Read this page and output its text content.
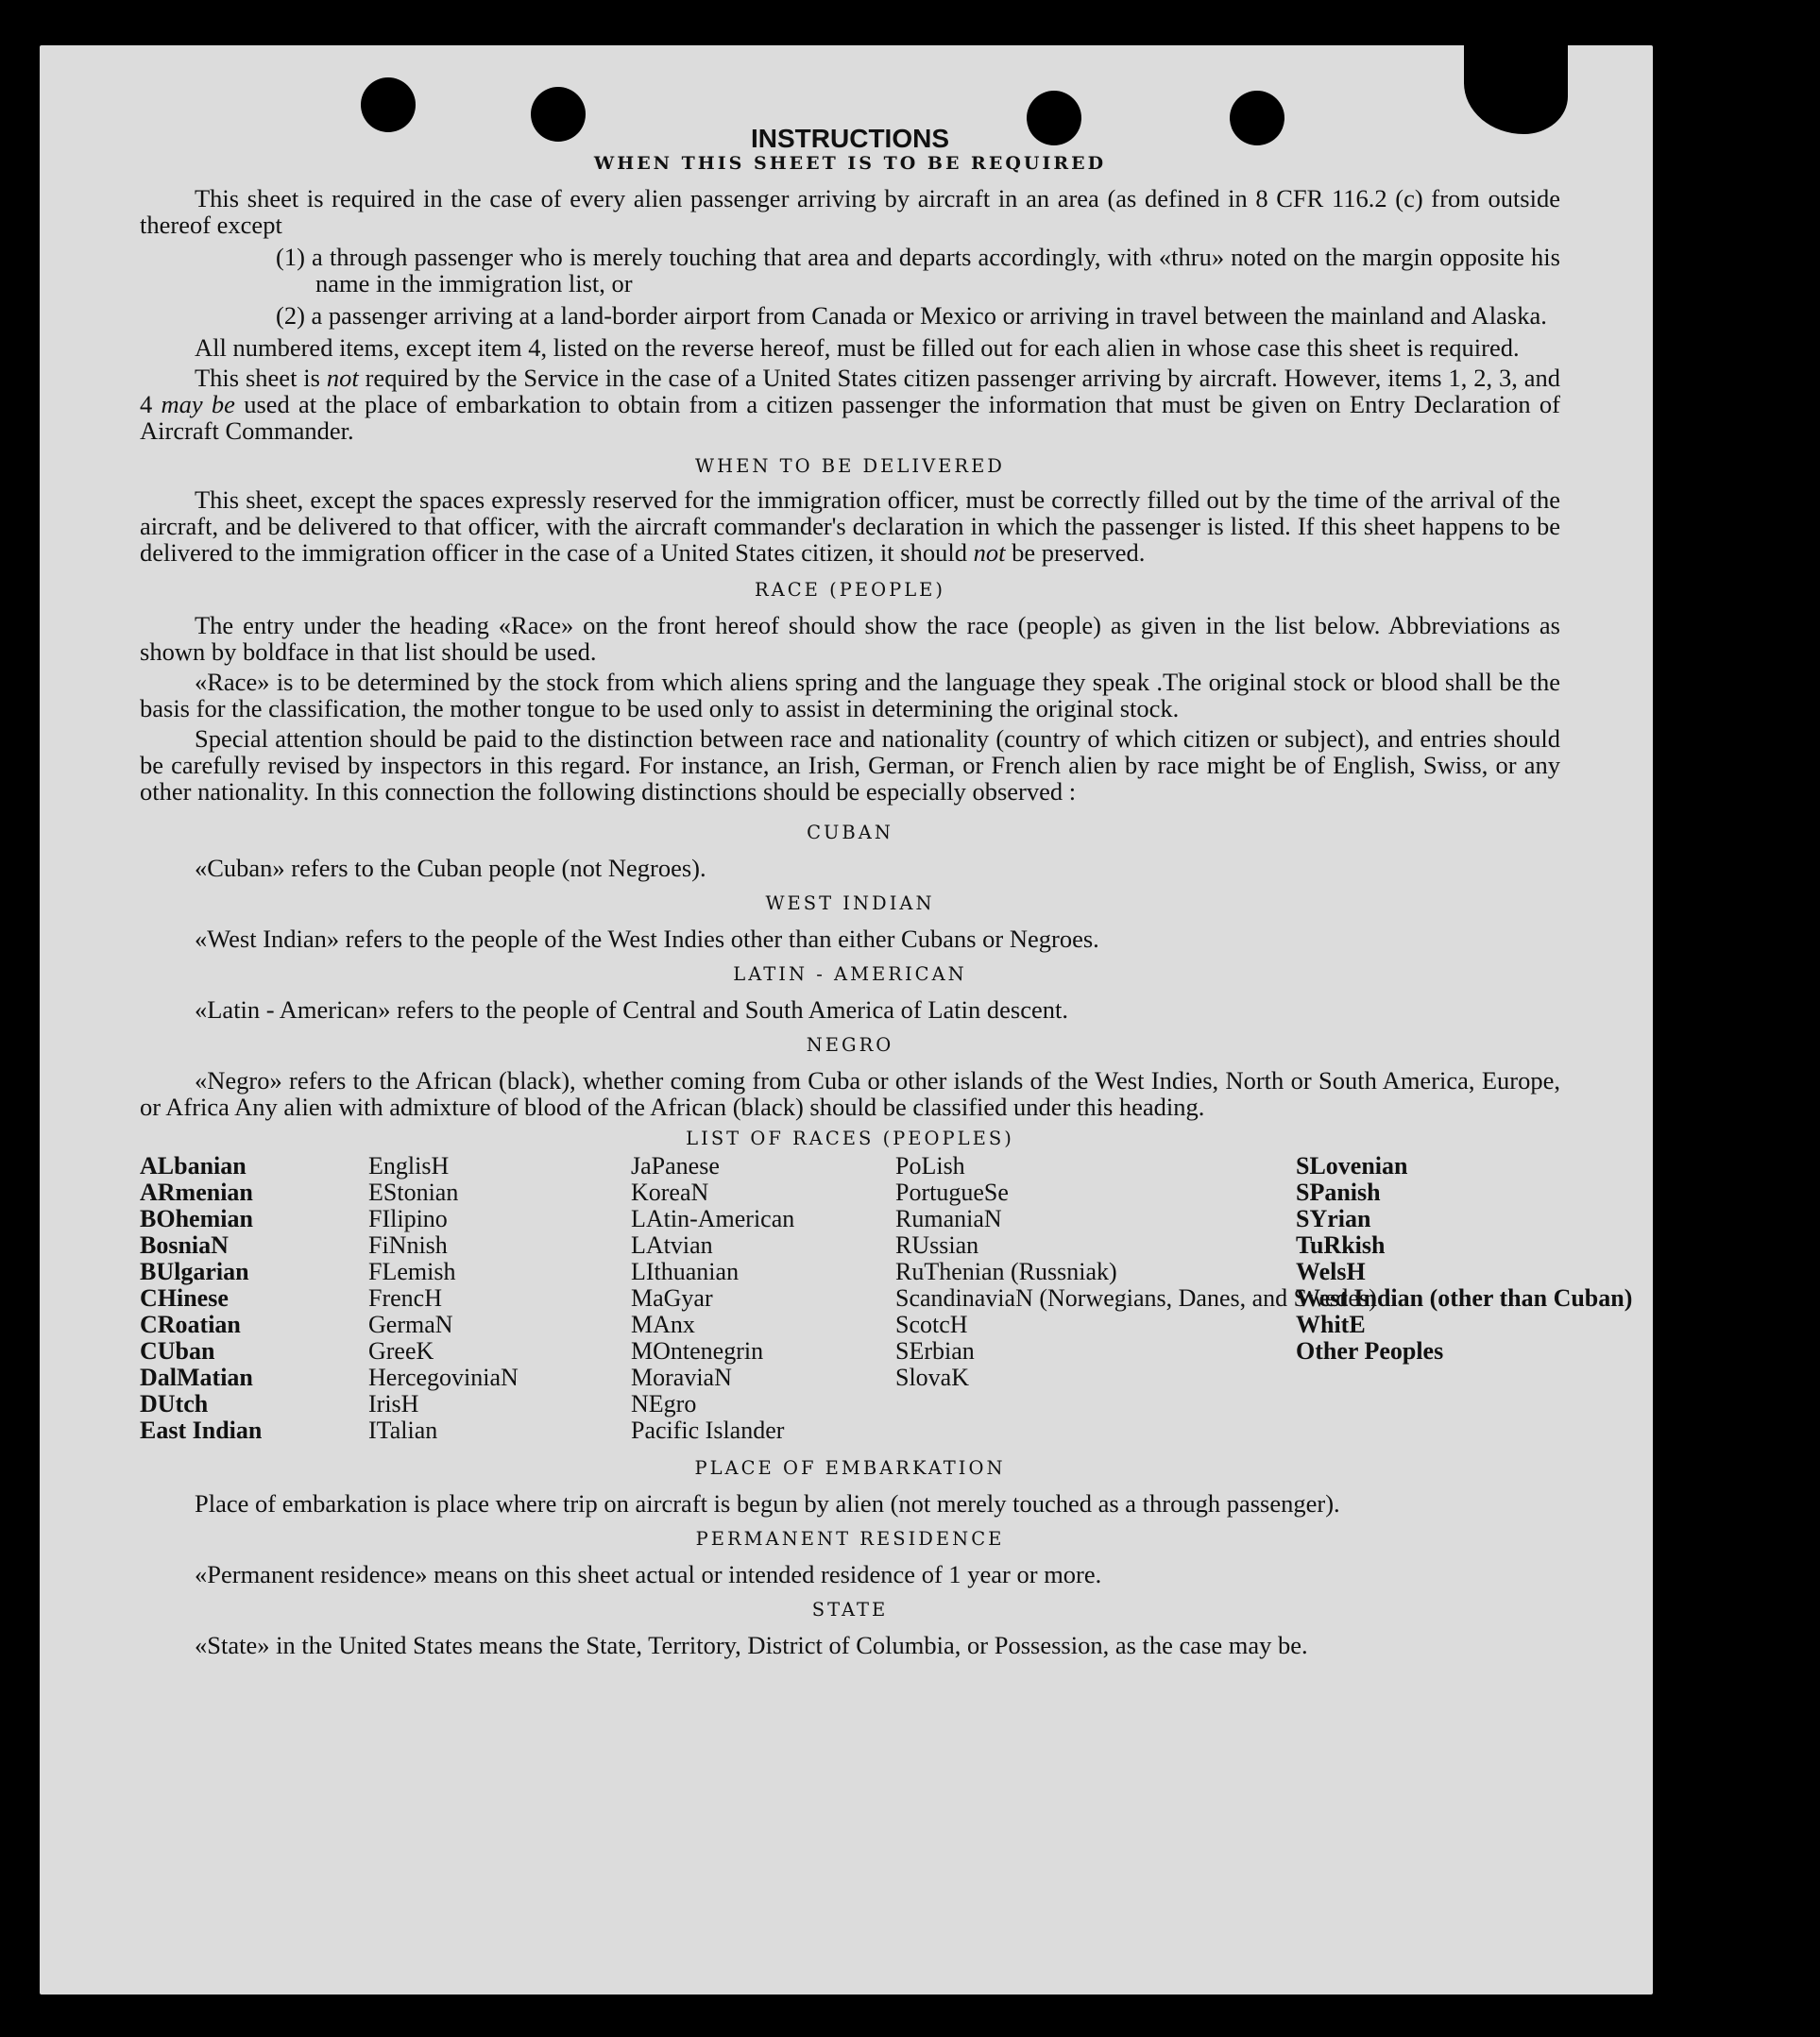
INSTRUCTIONS
WHEN THIS SHEET IS TO BE REQUIRED

This sheet is required in the case of every alien passenger arriving by aircraft in an area (as defined in 8 CFR 116.2 (c) from outside thereof except

(1) a through passenger who is merely touching that area and departs accordingly, with «thru» noted on the margin opposite his name in the immigration list, or

(2) a passenger arriving at a land-border airport from Canada or Mexico or arriving in travel between the mainland and Alaska.

All numbered items, except item 4, listed on the reverse hereof, must be filled out for each alien in whose case this sheet is required.

This sheet is not required by the Service in the case of a United States citizen passenger arriving by aircraft. However, items 1, 2, 3, and 4 may be used at the place of embarkation to obtain from a citizen passenger the information that must be given on Entry Declaration of Aircraft Commander.

WHEN TO BE DELIVERED

This sheet, except the spaces expressly reserved for the immigration officer, must be correctly filled out by the time of the arrival of the aircraft, and be delivered to that officer, with the aircraft commander's declaration in which the passenger is listed. If this sheet happens to be delivered to the immigration officer in the case of a United States citizen, it should not be preserved.

RACE (PEOPLE)

The entry under the heading «Race» on the front hereof should show the race (people) as given in the list below. Abbreviations as shown by boldface in that list should be used.

«Race» is to be determined by the stock from which aliens spring and the language they speak .The original stock or blood shall be the basis for the classification, the mother tongue to be used only to assist in determining the original stock.

Special attention should be paid to the distinction between race and nationality (country of which citizen or subject), and entries should be carefully revised by inspectors in this regard. For instance, an Irish, German, or French alien by race might be of English, Swiss, or any other nationality. In this connection the following distinctions should be especially observed :

CUBAN

«Cuban» refers to the Cuban people (not Negroes).

WEST INDIAN

«West Indian» refers to the people of the West Indies other than either Cubans or Negroes.

LATIN - AMERICAN

«Latin - American» refers to the people of Central and South America of Latin descent.

NEGRO

«Negro» refers to the African (black), whether coming from Cuba or other islands of the West Indies, North or South America, Europe, or Africa Any alien with admixture of blood of the African (black) should be classified under this heading.

LIST OF RACES (PEOPLES)
ALbanian
ARmenian
BOhemian
BosniaN
BUlgarian
CHinese
CRoatian
CUban
DalMatian
DUtch
East Indian
EnglisH
EStonian
FIlipino
FiNnish
FLemish
FrencH
GermaN
GreeK
HercegoviniaN
IrisH
ITalian
JaPanese
KoreaN
LAtin-American
LAtvian
LIthuanian
MaGyar
MAnx
MOntenegrin
MoraviaN
NEgro
Pacific Islander
PoLish
PortugueSe
RumaniaN
RUssian
RuThenian (Russniak)
ScandinaviaN (Norwegians, Danes, and Swedes)
ScotcH
SErbian
SlovaK
SLovenian
SPanish
SYrian
TuRkish
WelsH
West Indian (other than Cuban)
WhitE
Other Peoples
PLACE OF EMBARKATION

Place of embarkation is place where trip on aircraft is begun by alien (not merely touched as a through passenger).

PERMANENT RESIDENCE

«Permanent residence» means on this sheet actual or intended residence of 1 year or more.

STATE

«State» in the United States means the State, Territory, District of Columbia, or Possession, as the case may be.
